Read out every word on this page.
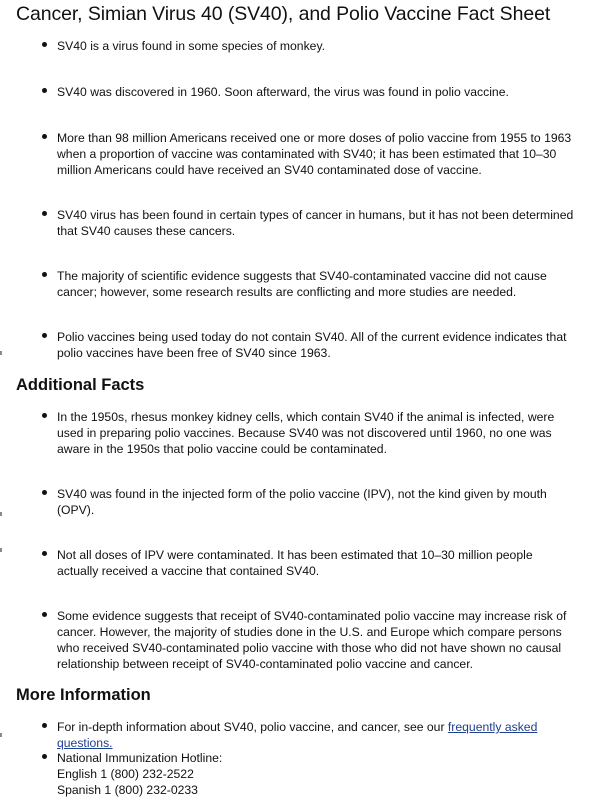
Cancer, Simian Virus 40 (SV40), and Polio Vaccine Fact Sheet
SV40 is a virus found in some species of monkey.
SV40 was discovered in 1960. Soon afterward, the virus was found in polio vaccine.
More than 98 million Americans received one or more doses of polio vaccine from 1955 to 1963 when a proportion of vaccine was contaminated with SV40; it has been estimated that 10–30 million Americans could have received an SV40 contaminated dose of vaccine.
SV40 virus has been found in certain types of cancer in humans, but it has not been determined that SV40 causes these cancers.
The majority of scientific evidence suggests that SV40-contaminated vaccine did not cause cancer; however, some research results are conflicting and more studies are needed.
Polio vaccines being used today do not contain SV40. All of the current evidence indicates that polio vaccines have been free of SV40 since 1963.
Additional Facts
In the 1950s, rhesus monkey kidney cells, which contain SV40 if the animal is infected, were used in preparing polio vaccines. Because SV40 was not discovered until 1960, no one was aware in the 1950s that polio vaccine could be contaminated.
SV40 was found in the injected form of the polio vaccine (IPV), not the kind given by mouth (OPV).
Not all doses of IPV were contaminated. It has been estimated that 10–30 million people actually received a vaccine that contained SV40.
Some evidence suggests that receipt of SV40-contaminated polio vaccine may increase risk of cancer. However, the majority of studies done in the U.S. and Europe which compare persons who received SV40-contaminated polio vaccine with those who did not have shown no causal relationship between receipt of SV40-contaminated polio vaccine and cancer.
More Information
For in-depth information about SV40, polio vaccine, and cancer, see our frequently asked questions.
National Immunization Hotline:
English 1 (800) 232-2522
Spanish 1 (800) 232-0233
